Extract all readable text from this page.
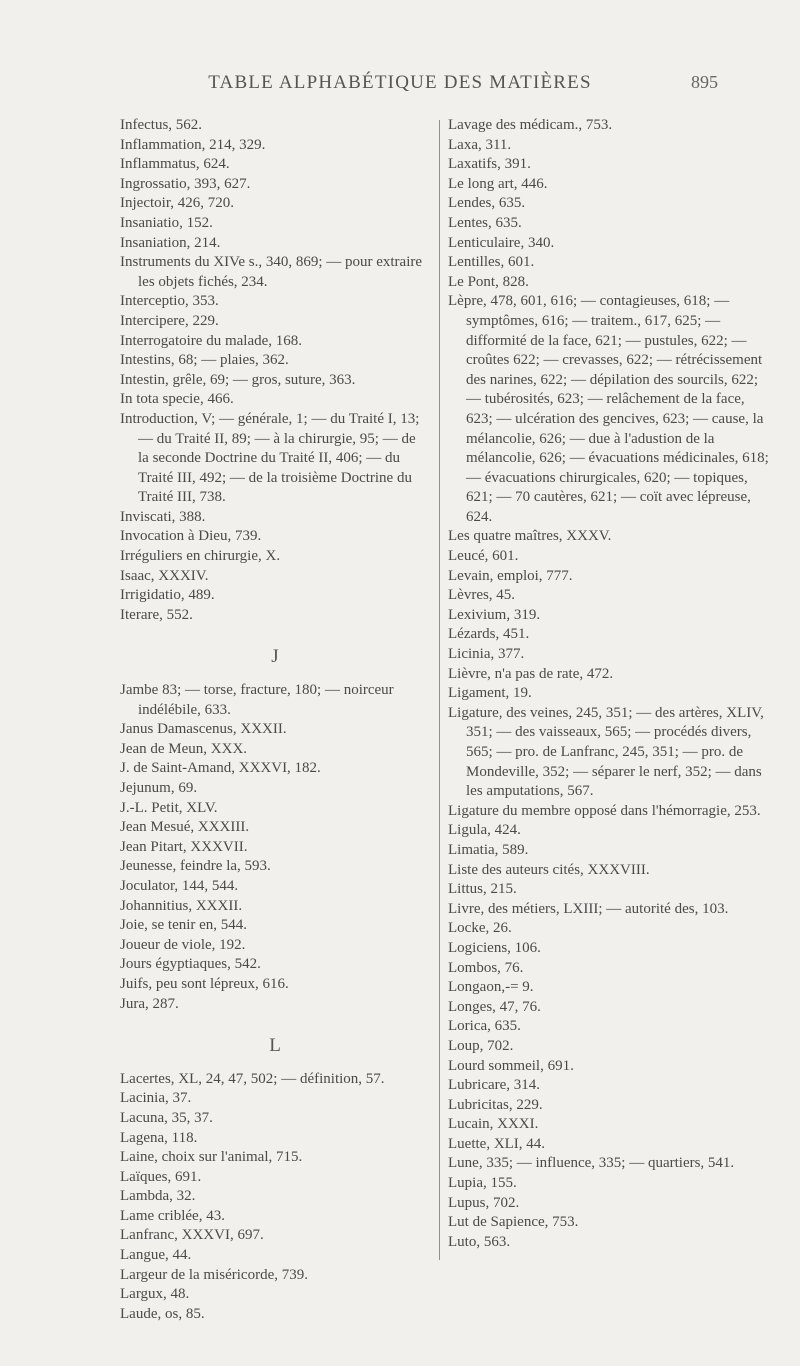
TABLE ALPHABÉTIQUE DES MATIÈRES	895

Infectus, 562.

Inflammation, 214, 329.

Inflammatus, 624.

Ingrossatio, 393, 627.

Injectoir, 426, 720.

Insaniatio, 152.

Insaniation, 214.

Instruments du XIVe s., 340, 869; — pour extraire les objets fichés, 234.

Interceptio, 353.

Intercipere, 229.

Interrogatoire du malade, 168.

Intestins, 68; — plaies, 362.

Intestin, grêle, 69; — gros, suture, 363.

In tota specie, 466.

Introduction, V; — générale, 1; — du Traité I, 13; — du Traité II, 89; — à la chirurgie, 95; — de la seconde Doctrine du Traité II, 406; — du Traité III, 492; — de la troisième Doctrine du Traité III, 738.

Inviscati, 388.

Invocation à Dieu, 739.

Irréguliers en chirurgie, X.

Isaac, XXXIV.

Irrigidatio, 489.

Iterare, 552.

J

Jambe 83; — torse, fracture, 180; — noirceur indélébile, 633.

Janus Damascenus, XXXII.

Jean de Meun, XXX.

J. de Saint-Amand, XXXVI, 182.

Jejunum, 69.

J.-L. Petit, XLV.

Jean Mesué, XXXIII.

Jean Pitart, XXXVII.

Jeunesse, feindre la, 593.

Joculator, 144, 544.

Johannitius, XXXII.

Joie, se tenir en, 544.

Joueur de viole, 192.

Jours égyptiaques, 542.

Juifs, peu sont lépreux, 616.

Jura, 287.

L

Lacertes, XL, 24, 47, 502; — définition, 57.

Lacinia, 37.

Lacuna, 35, 37.

Lagena, 118.

Laine, choix sur l'animal, 715.

Laïques, 691.

Lambda, 32.

Lame criblée, 43.

Lanfranc, XXXVI, 697.

Langue, 44.

Largeur de la miséricorde, 739.

Largux, 48.

Laude, os, 85.

Lavage des médicam., 753.

Laxa, 311.

Laxatifs, 391.

Le long art, 446.

Lendes, 635.

Lentes, 635.

Lenticulaire, 340.

Lentilles, 601.

Le Pont, 828.

Lèpre, 478, 601, 616; — contagieuses, 618; — symptômes, 616; — traitem., 617, 625; — difformité de la face, 621; — pustules, 622; — croûtes 622; — crevasses, 622; — rétrécissement des narines, 622; — dépilation des sourcils, 622; — tubérosités, 623; — relâchement de la face, 623; — ulcération des gencives, 623; — cause, la mélancolie, 626; — due à l'adustion de la mélancolie, 626; — évacuations médicinales, 618; — évacuations chirurgicales, 620; — topiques, 621; — 70 cautères, 621; — coït avec lépreuse, 624.

Les quatre maîtres, XXXV.

Leucé, 601.

Levain, emploi, 777.

Lèvres, 45.

Lexivium, 319.

Lézards, 451.

Licinia, 377.

Lièvre, n'a pas de rate, 472.

Ligament, 19.

Ligature, des veines, 245, 351; — des artères, XLIV, 351; — des vaisseaux, 565; — procédés divers, 565; — pro. de Lanfranc, 245, 351; — pro. de Mondeville, 352; — séparer le nerf, 352; — dans les amputations, 567.

Ligature du membre opposé dans l'hémorragie, 253.

Ligula, 424.

Limatia, 589.

Liste des auteurs cités, XXXVIII.

Littus, 215.

Livre, des métiers, LXIII; — autorité des, 103.

Locke, 26.

Logiciens, 106.

Lombos, 76.

Longaon,-= 9.

Longes, 47, 76.

Lorica, 635.

Loup, 702.

Lourd sommeil, 691.

Lubricare, 314.

Lubricitas, 229.

Lucain, XXXI.

Luette, XLI, 44.

Lune, 335; — influence, 335; — quartiers, 541.

Lupia, 155.

Lupus, 702.

Lut de Sapience, 753.

Luto, 563.
